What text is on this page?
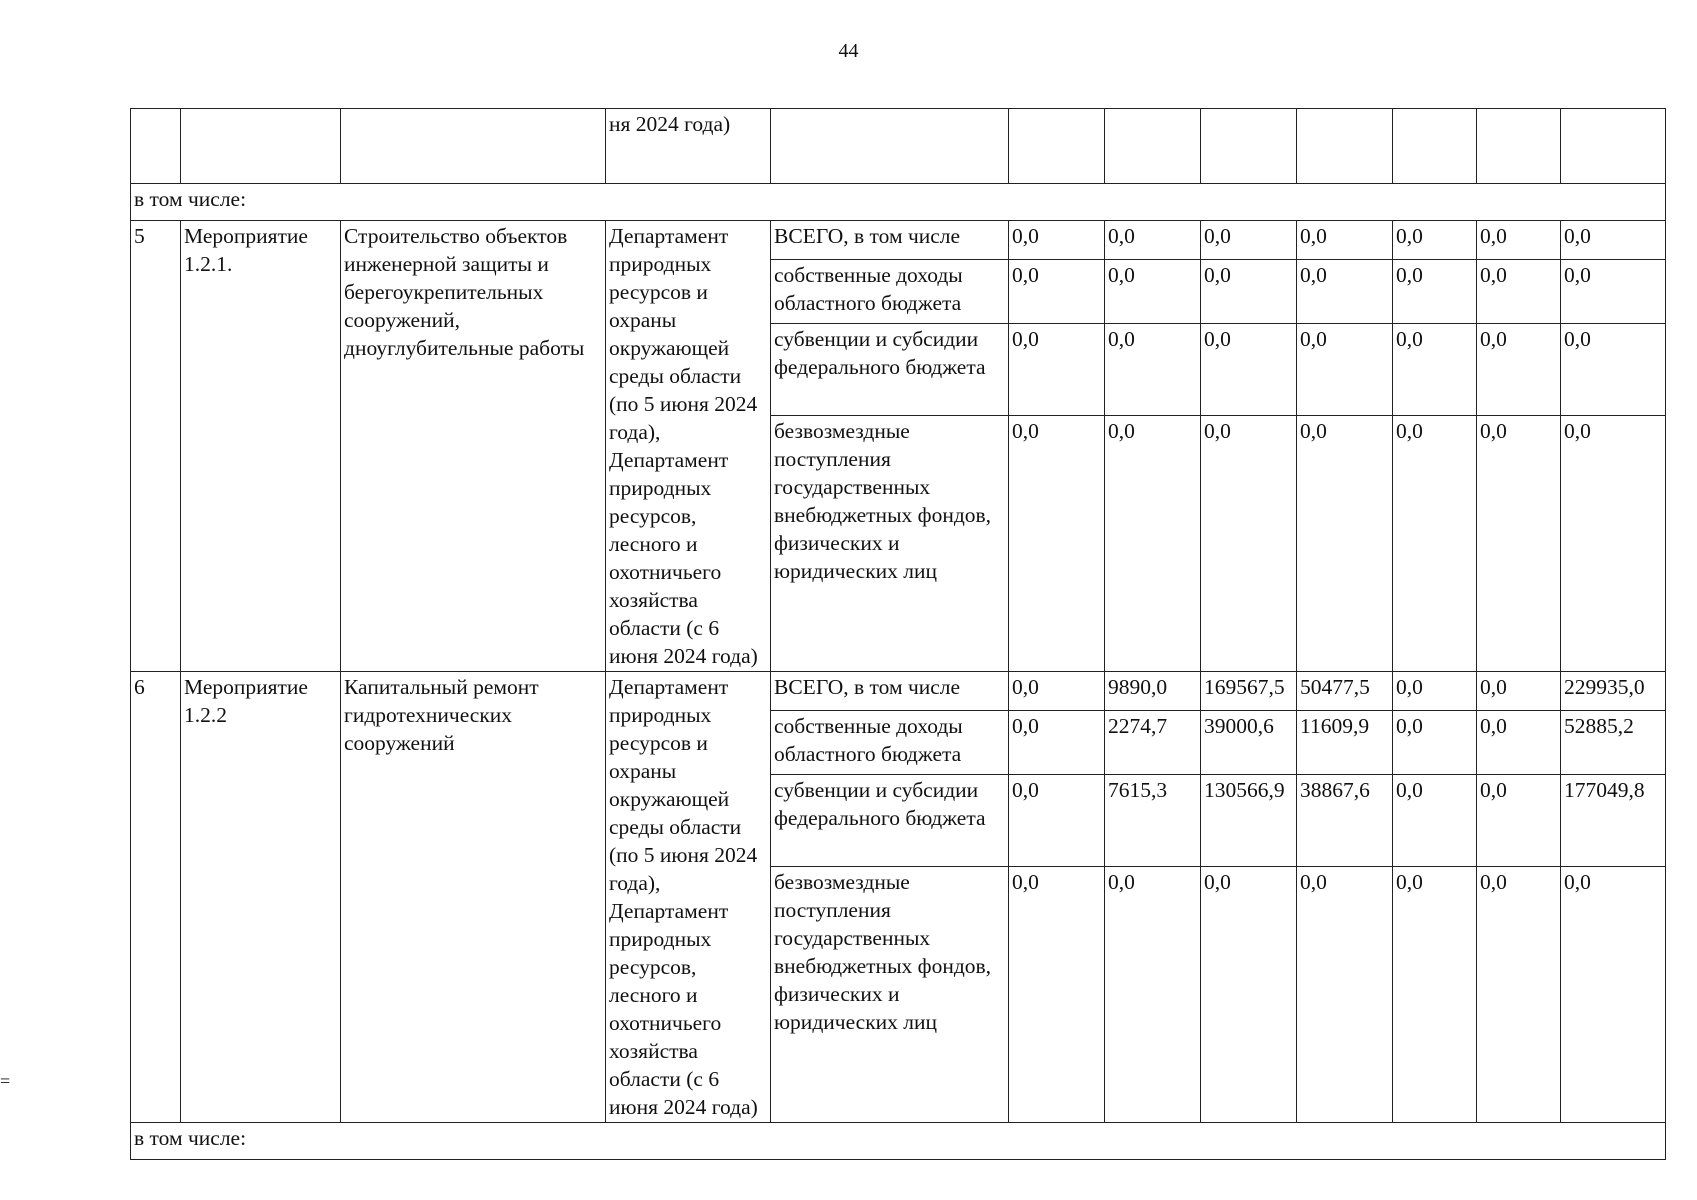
44
=
			ня 2024 года)								
в том числе:											
5	Мероприятие 1.2.1.	Строительство объектов инженерной защиты и берегоукрепительных сооружений, дноуглубительные работы	Департамент природных ресурсов и охраны окружающей среды области (по 5 июня 2024 года), Департамент природных ресурсов, лесного и охотничьего хозяйства области (с 6 июня 2024 года)	ВСЕГО, в том числе	0,0	0,0	0,0	0,0	0,0	0,0	0,0
				собственные доходы областного бюджета	0,0	0,0	0,0	0,0	0,0	0,0	0,0
				субвенции и субсидии федерального бюджета	0,0	0,0	0,0	0,0	0,0	0,0	0,0
				безвозмездные поступления государственных внебюджетных фондов, физических и юридических лиц	0,0	0,0	0,0	0,0	0,0	0,0	0,0
6	Мероприятие 1.2.2	Капитальный ремонт гидротехнических сооружений	Департамент природных ресурсов и охраны окружающей среды области (по 5 июня 2024 года), Департамент природных ресурсов, лесного и охотничьего хозяйства области (с 6 июня 2024 года)	ВСЕГО, в том числе	0,0	9890,0	169567,5	50477,5	0,0	0,0	229935,0
				собственные доходы областного бюджета	0,0	2274,7	39000,6	11609,9	0,0	0,0	52885,2
				субвенции и субсидии федерального бюджета	0,0	7615,3	130566,9	38867,6	0,0	0,0	177049,8
				безвозмездные поступления государственных внебюджетных фондов, физических и юридических лиц	0,0	0,0	0,0	0,0	0,0	0,0	0,0
в том числе:											
